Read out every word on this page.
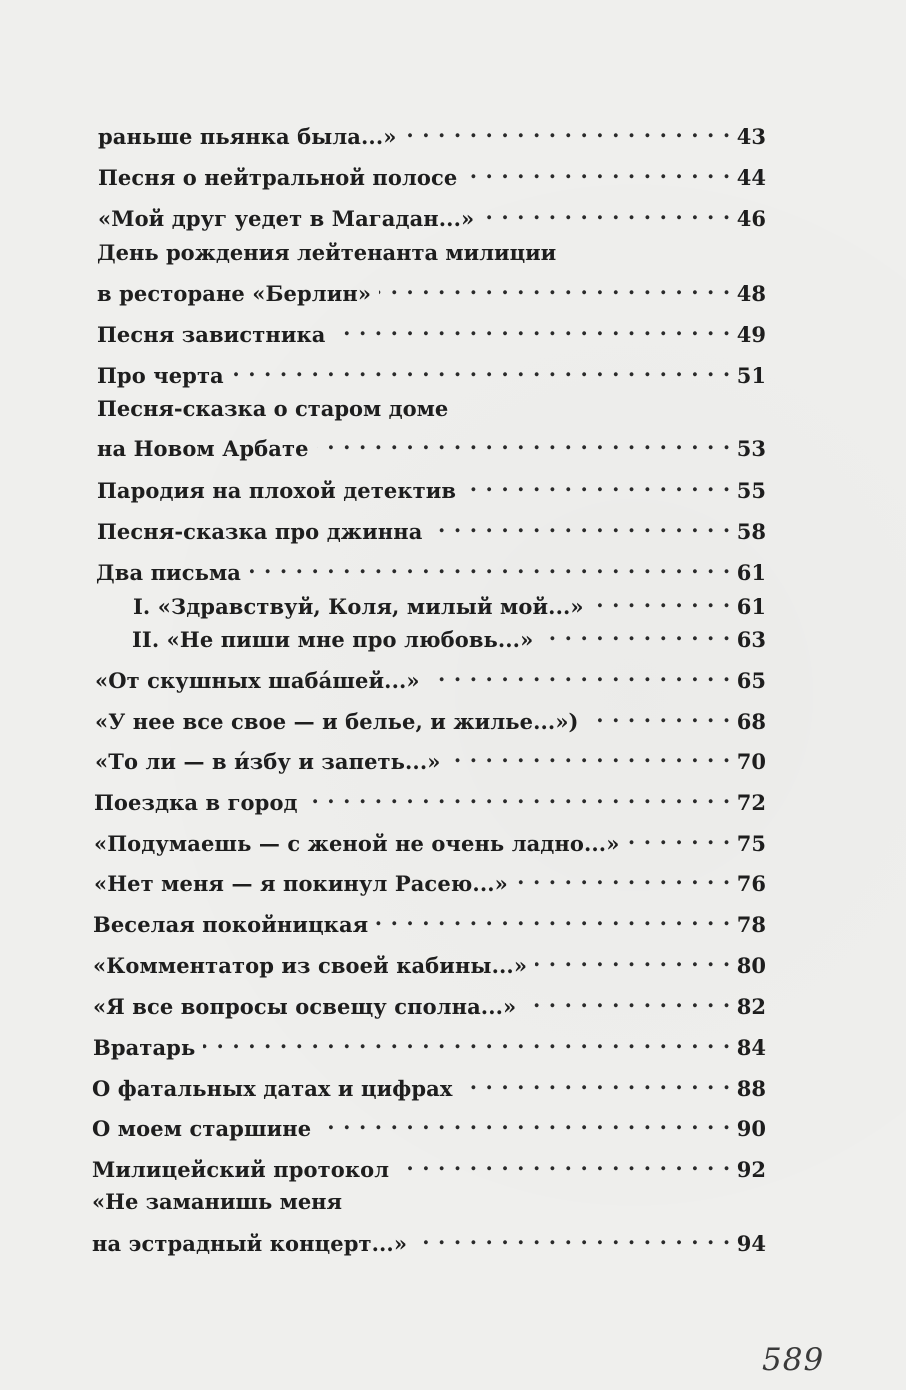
раньше пьянка была...» . . .	43
Песня о нейтральной полосе . . .	44
«Мой друг уедет в Магадан...» . . .	46
День рождения лейтенанта милиции
в ресторане «Берлин» . . .	48
Песня завистника . . .	49
Про черта . . .	51
Песня-сказка о старом доме
на Новом Арбате . . .	53
Пародия на плохой детектив . . .	55
Песня-сказка про джинна . . .	58
Два письма . . .	61
I. «Здравствуй, Коля, милый мой...» . . .	61
II. «Не пиши мне про любовь...» . . .	63
«От скушных шаба́шей...» . . .	65
«У нее все свое — и белье, и жилье...») . . .	68
«То ли — в и́збу и запеть...» . . .	70
Поездка в город . . .	72
«Подумаешь — с женой не очень ладно...» . . .	75
«Нет меня — я покинул Расею...» . . .	76
Веселая покойницкая . . .	78
«Комментатор из своей кабины...» . . .	80
«Я все вопросы освещу сполна...» . . .	82
Вратарь . . .	84
О фатальных датах и цифрах . . .	88
О моем старшине . . .	90
Милицейский протокол . . .	92
«Не заманишь меня
на эстрадный концерт...» . . .	94
589
